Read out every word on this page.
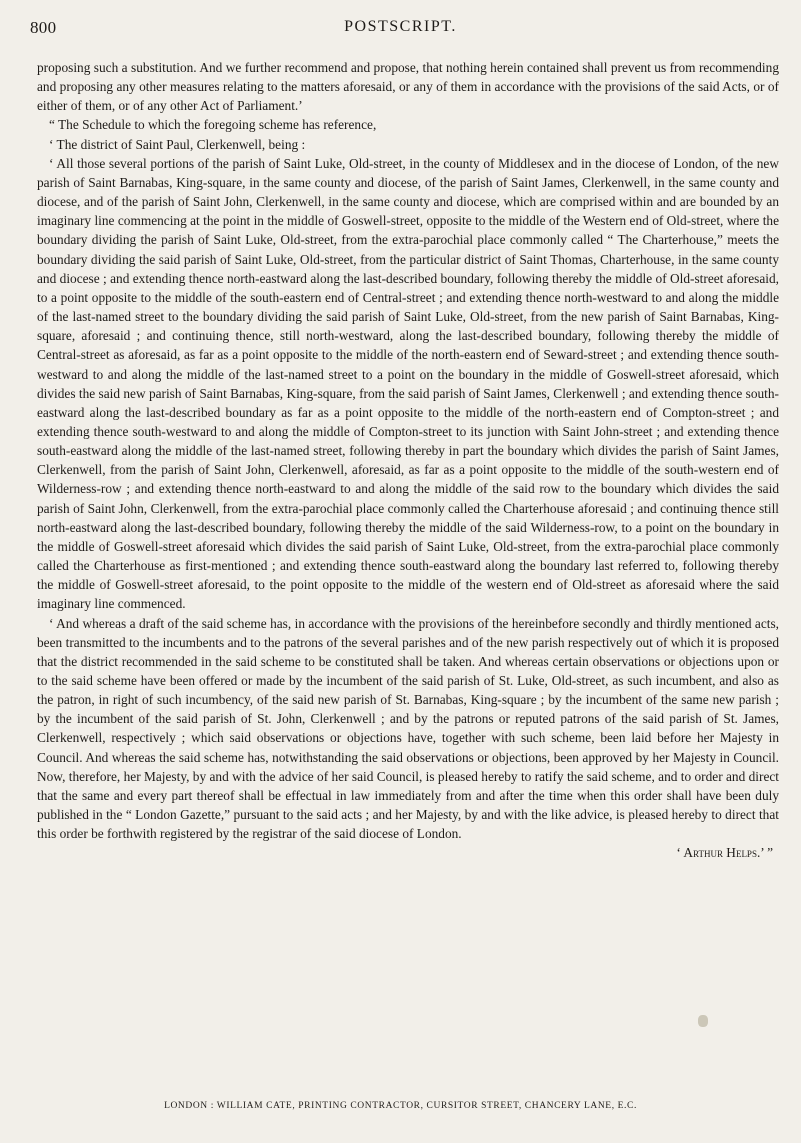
800	POSTSCRIPT.

proposing such a substitution. And we further recommend and propose, that nothing herein contained shall prevent us from recommending and proposing any other measures relating to the matters aforesaid, or any of them in accordance with the provisions of the said Acts, or of either of them, or of any other Act of Parliament.’

“ The Schedule to which the foregoing scheme has reference,

‘ The district of Saint Paul, Clerkenwell, being :

‘ All those several portions of the parish of Saint Luke, Old-street, in the county of Middlesex and in the diocese of London, of the new parish of Saint Barnabas, King-square, in the same county and diocese, of the parish of Saint James, Clerkenwell, in the same county and diocese, and of the parish of Saint John, Clerkenwell, in the same county and diocese, which are comprised within and are bounded by an imaginary line commencing at the point in the middle of Goswell-street, opposite to the middle of the Western end of Old-street, where the boundary dividing the parish of Saint Luke, Old-street, from the extra-parochial place commonly called “ The Charterhouse,” meets the boundary dividing the said parish of Saint Luke, Old-street, from the particular district of Saint Thomas, Charterhouse, in the same county and diocese ; and extending thence north-eastward along the last-described boundary, following thereby the middle of Old-street aforesaid, to a point opposite to the middle of the south-eastern end of Central-street ; and extending thence north-westward to and along the middle of the last-named street to the boundary dividing the said parish of Saint Luke, Old-street, from the new parish of Saint Barnabas, King-square, aforesaid ; and continuing thence, still north-westward, along the last-described boundary, following thereby the middle of Central-street as aforesaid, as far as a point opposite to the middle of the north-eastern end of Seward-street ; and extending thence south-westward to and along the middle of the last-named street to a point on the boundary in the middle of Goswell-street aforesaid, which divides the said new parish of Saint Barnabas, King-square, from the said parish of Saint James, Clerkenwell ; and extending thence south-eastward along the last-described boundary as far as a point opposite to the middle of the north-eastern end of Compton-street ; and extending thence south-westward to and along the middle of Compton-street to its junction with Saint John-street ; and extending thence south-eastward along the middle of the last-named street, following thereby in part the boundary which divides the parish of Saint James, Clerkenwell, from the parish of Saint John, Clerkenwell, aforesaid, as far as a point opposite to the middle of the south-western end of Wilderness-row ; and extending thence north-eastward to and along the middle of the said row to the boundary which divides the said parish of Saint John, Clerkenwell, from the extra-parochial place commonly called the Charterhouse aforesaid ; and continuing thence still north-eastward along the last-described boundary, following thereby the middle of the said Wilderness-row, to a point on the boundary in the middle of Goswell-street aforesaid which divides the said parish of Saint Luke, Old-street, from the extra-parochial place commonly called the Charterhouse as first-mentioned ; and extending thence south-eastward along the boundary last referred to, following thereby the middle of Goswell-street aforesaid, to the point opposite to the middle of the western end of Old-street as aforesaid where the said imaginary line commenced.

‘ And whereas a draft of the said scheme has, in accordance with the provisions of the hereinbefore secondly and thirdly mentioned acts, been transmitted to the incumbents and to the patrons of the several parishes and of the new parish respectively out of which it is proposed that the district recommended in the said scheme to be constituted shall be taken. And whereas certain observations or objections upon or to the said scheme have been offered or made by the incumbent of the said parish of St. Luke, Old-street, as such incumbent, and also as the patron, in right of such incumbency, of the said new parish of St. Barnabas, King-square ; by the incumbent of the same new parish ; by the incumbent of the said parish of St. John, Clerkenwell ; and by the patrons or reputed patrons of the said parish of St. James, Clerkenwell, respectively ; which said observations or objections have, together with such scheme, been laid before her Majesty in Council. And whereas the said scheme has, notwithstanding the said observations or objections, been approved by her Majesty in Council. Now, therefore, her Majesty, by and with the advice of her said Council, is pleased hereby to ratify the said scheme, and to order and direct that the same and every part thereof shall be effectual in law immediately from and after the time when this order shall have been duly published in the “ London Gazette,” pursuant to the said acts ; and her Majesty, by and with the like advice, is pleased hereby to direct that this order be forthwith registered by the registrar of the said diocese of London.

‘ Arthur Helps.’ ”

LONDON : WILLIAM CATE, PRINTING CONTRACTOR, CURSITOR STREET, CHANCERY LANE, E.C.
